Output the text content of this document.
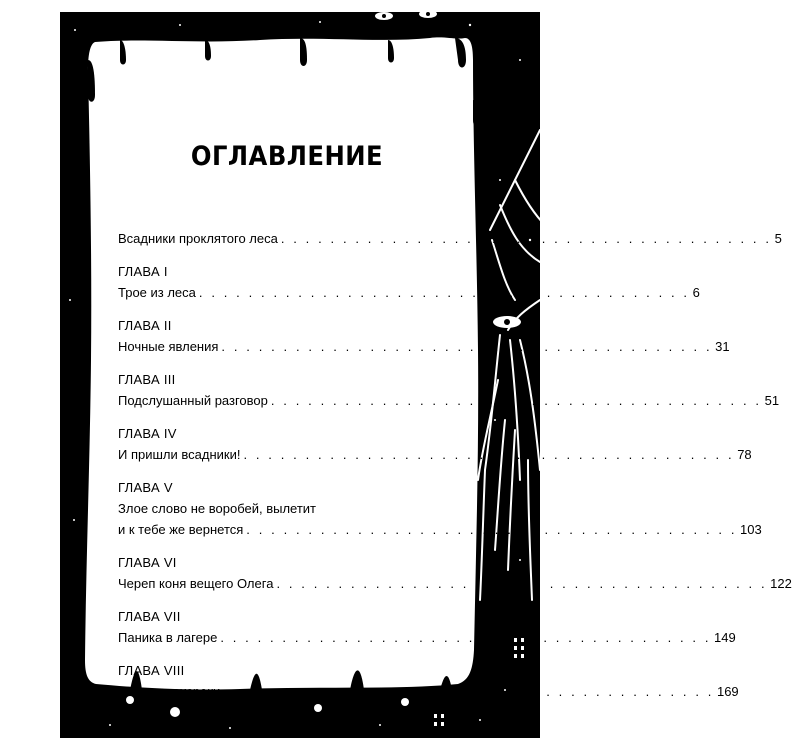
ОГЛАВЛЕНИЕ
Всадники проклятого леса . . . . . . . . . . . . . . . . . . . . . . . . . . . . . . . . . . . . . . . . 5
ГЛАВА I
Трое из леса . . . . . . . . . . . . . . . . . . . . . . . . . . . . . . . . . . . . . . . . 6
ГЛАВА II
Ночные явления . . . . . . . . . . . . . . . . . . . . . . . . . . . . . . . . . . . . . . . . 31
ГЛАВА III
Подслушанный разговор . . . . . . . . . . . . . . . . . . . . . . . . . . . . . . . . . . . . . . . . 51
ГЛАВА IV
И пришли всадники! . . . . . . . . . . . . . . . . . . . . . . . . . . . . . . . . . . . . . . . . 78
ГЛАВА V
Злое слово не воробей, вылетит
и к тебе же вернется . . . . . . . . . . . . . . . . . . . . . . . . . . . . . . . . . . . . . . . . 103
ГЛАВА VI
Череп коня вещего Олега . . . . . . . . . . . . . . . . . . . . . . . . . . . . . . . . . . . . . . . . 122
ГЛАВА VII
Паника в лагере . . . . . . . . . . . . . . . . . . . . . . . . . . . . . . . . . . . . . . . . 149
ГЛАВА VIII
Люди и призраки . . . . . . . . . . . . . . . . . . . . . . . . . . . . . . . . . . . . . . . . 169
